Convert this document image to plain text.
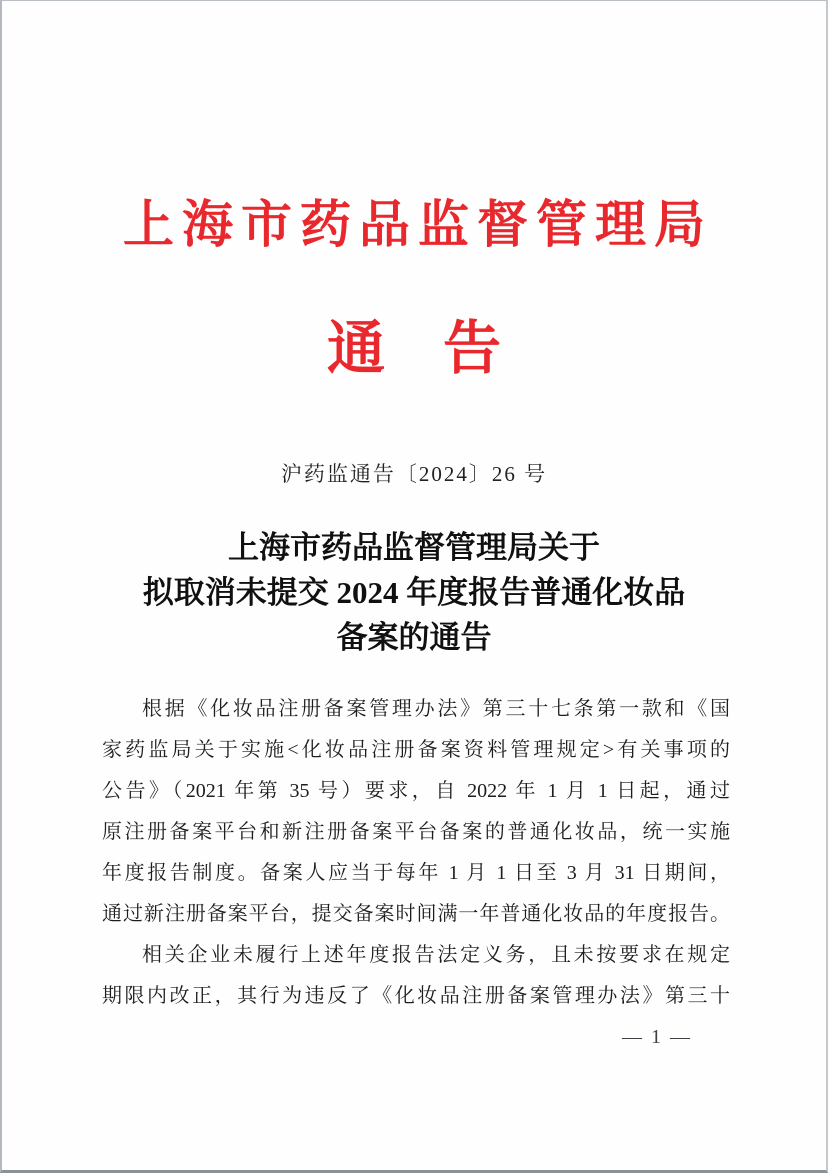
上海市药品监督管理局
通　告
沪药监通告〔2024〕26 号
上海市药品监督管理局关于
拟取消未提交 2024 年度报告普通化妆品
备案的通告
根据《化妆品注册备案管理办法》第三十七条第一款和《国
家药监局关于实施<化妆品注册备案资料管理规定>有关事项的
公告》（2021 年第 35 号）要求，自 2022 年 1 月 1 日起，通过
原注册备案平台和新注册备案平台备案的普通化妆品，统一实施
年度报告制度。备案人应当于每年 1 月 1 日至 3 月 31 日期间，
通过新注册备案平台，提交备案时间满一年普通化妆品的年度报告。
相关企业未履行上述年度报告法定义务，且未按要求在规定
期限内改正，其行为违反了《化妆品注册备案管理办法》第三十
— 1 —
